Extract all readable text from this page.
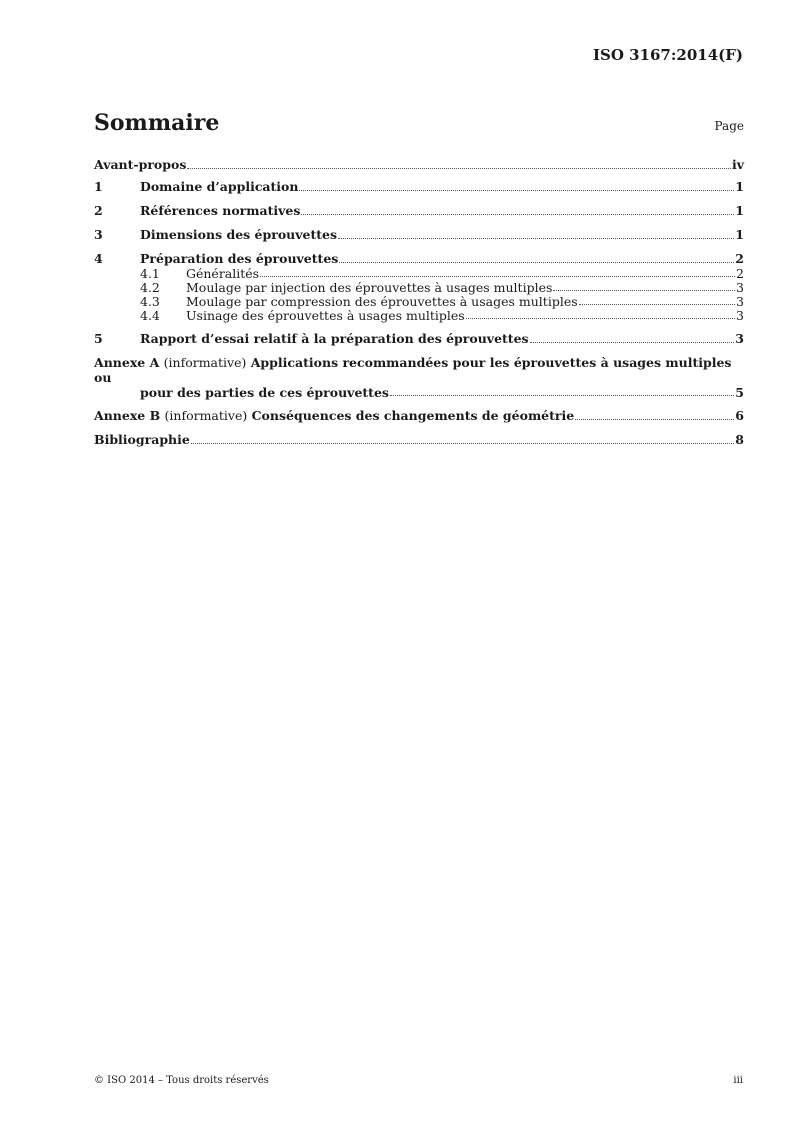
ISO 3167:2014(F)
Sommaire	Page
Avant-propos	iv
1	Domaine d’application	1
2	Références normatives	1
3	Dimensions des éprouvettes	1
4	Préparation des éprouvettes	2
4.1	Généralités	2
4.2	Moulage par injection des éprouvettes à usages multiples	3
4.3	Moulage par compression des éprouvettes à usages multiples	3
4.4	Usinage des éprouvettes à usages multiples	3
5	Rapport d’essai relatif à la préparation des éprouvettes	3
Annexe A (informative) Applications recommandées pour les éprouvettes à usages multiples ou
pour des parties de ces éprouvettes	5
Annexe B (informative) Conséquences des changements de géométrie	6
Bibliographie	8
© ISO 2014 – Tous droits réservés	iii
